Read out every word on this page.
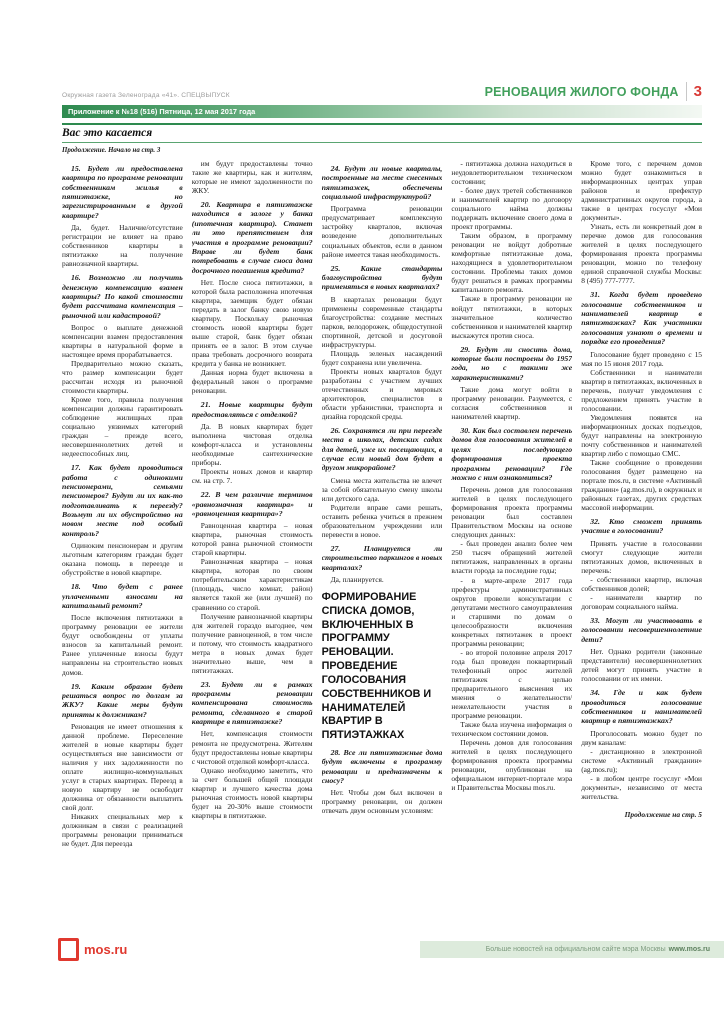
Окружная газета Зеленограда «41». СПЕЦВЫПУСК	РЕНОВАЦИЯ ЖИЛОГО ФОНДА 3
Приложение к №18 (516) Пятница, 12 мая 2017 года
Вас это касается
Продолжение. Начало на стр. 3

15. Будет ли предоставлена квартира по программе реновации собственникам жилья в пятиэтажке, но зарегистрированным в другой квартире?

Да, будет. Наличие/отсутствие регистрации не влияет на право собственников квартиры в пятиэтажке на получение равнозначной квартиры.

16. Возможно ли получить денежную компенсацию взамен квартиры? По какой стоимости будет рассчитана компенсация – рыночной или кадастровой?

Вопрос о выплате денежной компенсации взамен предоставления квартиры в натуральной форме в настоящее время прорабатывается.

Предварительно можно сказать, что размер компенсации будет рассчитан исходя из рыночной стоимости квартиры.

Кроме того, правила получения компенсации должны гарантировать соблюдение жилищных прав социально уязвимых категорий граждан – прежде всего, несовершеннолетних детей и недееспособных лиц.

17. Как будет проводиться работа с одинокими пенсионерами, семьями пенсионеров? Будут ли их как-то подготавливать к переезду? Возьмут ли их обустройство на новом месте под особый контроль?

Одиноким пенсионерам и другим льготным категориям граждан будет оказана помощь в переезде и обустройстве в новой квартире.

18. Что будет с ранее уплаченными взносами на капитальный ремонт?

После включения пятиэтажки в программу реновации ее жители будут освобождены от уплаты взносов за капитальный ремонт. Ранее уплаченные взносы будут направлены на строительство новых домов.

19. Каким образом будет решаться вопрос по долгам за ЖКУ? Какие меры будут приняты к должникам?

Реновация не имеет отношения к данной проблеме. Переселение жителей в новые квартиры будет осуществляться вне зависимости от наличия у них задолженности по оплате жилищно-коммунальных услуг в старых квартирах. Переезд в новую квартиру не освободит должника от обязанности выплатить свой долг.

Никаких специальных мер к должникам в связи с реализацией программы реновации приниматься не будет. Для переезда

им будут предоставлены точно такие же квартиры, как и жителям, которые не имеют задолженности по ЖКУ.

20. Квартира в пятиэтажке находится в залоге у банка (ипотечная квартира). Станет ли это препятствием для участия в программе реновации? Вправе ли будет банк потребовать в случае сноса дома досрочного погашения кредита?

Нет. После сноса пятиэтажки, в которой была расположена ипотечная квартира, заемщик будет обязан передать в залог банку свою новую квартиру. Поскольку рыночная стоимость новой квартиры будет выше старой, банк будет обязан принять ее в залог. В этом случае права требовать досрочного возврата кредита у банка не возникнет.

Данная норма будет включена в федеральный закон о программе реновации.

21. Новые квартиры будут предоставляться с отделкой?

Да. В новых квартирах будет выполнена чистовая отделка комфорт-класса и установлены необходимые сантехнические приборы.

Проекты новых домов и квартир см. на стр. 7.

22. В чем различие терминов «равнозначная квартира» и «равноценная квартира»?

Равноценная квартира – новая квартира, рыночная стоимость которой равна рыночной стоимости старой квартиры.

Равнозначная квартира – новая квартира, которая по своим потребительским характеристикам (площадь, число комнат, район) является такой же (или лучшей) по сравнению со старой.

Получение равнозначной квартиры для жителей гораздо выгоднее, чем получение равноценной, в том числе и потому, что стоимость квадратного метра в новых домах будет значительно выше, чем в пятиэтажках.

23. Будет ли в рамках программы реновации компенсирована стоимость ремонта, сделанного в старой квартире в пятиэтажке?

Нет, компенсация стоимости ремонта не предусмотрена. Жителям будут предоставлены новые квартиры с чистовой отделкой комфорт-класса.

Однако необходимо заметить, что за счет большей общей площади квартир и лучшего качества дома рыночная стоимость новой квартиры будет на 20-30% выше стоимости квартиры в пятиэтажке.

24. Будут ли новые кварталы, построенные на месте снесенных пятиэтажек, обеспечены социальной инфраструктурой?

Программа реновации предусматривает комплексную застройку кварталов, включая возведение дополнительных социальных объектов, если в данном районе имеется такая необходимость.

25. Какие стандарты благоустройства будут применяться в новых кварталах?

В кварталах реновации будут применены современные стандарты благоустройства: создание местных парков, велодорожек, общедоступной спортивной, детской и досуговой инфраструктуры.

Площадь зеленых насаждений будет сохранена или увеличена.

Проекты новых кварталов будут разработаны с участием лучших отечественных и мировых архитекторов, специалистов в области урбанистики, транспорта и дизайна городской среды.

26. Сохранятся ли при переезде места в школах, детских садах для детей, уже их посещающих, в случае если новый дом будет в другом микрорайоне?

Смена места жительства не влечет за собой обязательную смену школы или детского сада.

Родители вправе сами решать, оставить ребенка учиться в прежнем образовательном учреждении или перевести в новое.

27. Планируется ли строительство паркингов в новых кварталах?

Да, планируется.

ФОРМИРОВАНИЕ СПИСКА ДОМОВ, ВКЛЮЧЕННЫХ В ПРОГРАММУ РЕНОВАЦИИ. ПРОВЕДЕНИЕ ГОЛОСОВАНИЯ СОБСТВЕННИКОВ И НАНИМАТЕЛЕЙ КВАРТИР В ПЯТИЭТАЖКАХ

28. Все ли пятиэтажные дома будут включены в программу реновации и предназначены к сносу?

Нет. Чтобы дом был включен в программу реновации, он должен отвечать двум основным условиям:

- пятиэтажка должна находиться в неудовлетворительном техническом состоянии;

- более двух третей собственников и нанимателей квартир по договору социального найма должны поддержать включение своего дома в проект программы.

Таким образом, в программу реновации не войдут добротные комфортные пятиэтажные дома, находящиеся в удовлетворительном состоянии. Проблемы таких домов будут решаться в рамках программы капитального ремонта.

Также в программу реновации не войдут пятиэтажки, в которых значительное количество собственников и нанимателей квартир выскажутся против сноса.

29. Будут ли сносить дома, которые были построены до 1957 года, но с такими же характеристиками?

Такие дома могут войти в программу реновации. Разумеется, с согласия собственников и нанимателей квартир.

30. Как был составлен перечень домов для голосования жителей в целях последующего формирования проекта программы реновации? Где можно с ним ознакомиться?

Перечень домов для голосования жителей в целях последующего формирования проекта программы реновации был составлен Правительством Москвы на основе следующих данных:

- был проведен анализ более чем 250 тысяч обращений жителей пятиэтажек, направленных в органы власти города за последние годы;

- в марте-апреле 2017 года префектуры административных округов провели консультации с депутатами местного самоуправления и старшими по домам о целесообразности включения конкретных пятиэтажек в проект программы реновации;

- во второй половине апреля 2017 года был проведен поквартирный телефонный опрос жителей пятиэтажек с целью предварительного выяснения их мнения о желательности/нежелательности участия в программе реновации.

Также была изучена информация о техническом состоянии домов.

Перечень домов для голосования жителей в целях последующего формирования проекта программы реновации, опубликован на официальном интернет-портале мэра и Правительства Москвы mos.ru.

Кроме того, с перечнем домов можно будет ознакомиться в информационных центрах управ районов и префектур административных округов города, а также в центрах госуслуг «Мои документы».

Узнать, есть ли конкретный дом в перечне домов для голосования жителей в целях последующего формирования проекта программы реновации, можно по телефону единой справочной службы Москвы: 8 (495) 777-7777.

31. Когда будет проведено голосование собственников и нанимателей квартир в пятиэтажках? Как участники голосования узнают о времени и порядке его проведения?

Голосование будет проведено с 15 мая по 15 июня 2017 года.

Собственники и наниматели квартир в пятиэтажках, включенных в перечень, получат уведомления с предложением принять участие в голосовании.

Уведомления появятся на информационных досках подъездов, будут направлены на электронную почту собственников и нанимателей квартир либо с помощью СМС.

Также сообщение о проведении голосования будет размещено на портале mos.ru, в системе «Активный гражданин» (ag.mos.ru), в окружных и районных газетах, других средствах массовой информации.

32. Кто сможет принять участие в голосовании?

Принять участие в голосовании смогут следующие жители пятиэтажных домов, включенных в перечень:

- собственники квартир, включая собственников долей;

- наниматели квартир по договорам социального найма.

33. Могут ли участвовать в голосовании несовершеннолетние дети?

Нет. Однако родители (законные представители) несовершеннолетних детей могут принять участие в голосовании от их имени.

34. Где и как будет проводиться голосование собственников и нанимателей квартир в пятиэтажках?

Проголосовать можно будет по двум каналам:

- дистанционно в электронной системе «Активный гражданин» (ag.mos.ru);

- в любом центре госуслуг «Мои документы», независимо от места жительства.

Продолжение на стр. 5

mos.ru	Больше новостей на официальном сайте мэра Москвы www.mos.ru
